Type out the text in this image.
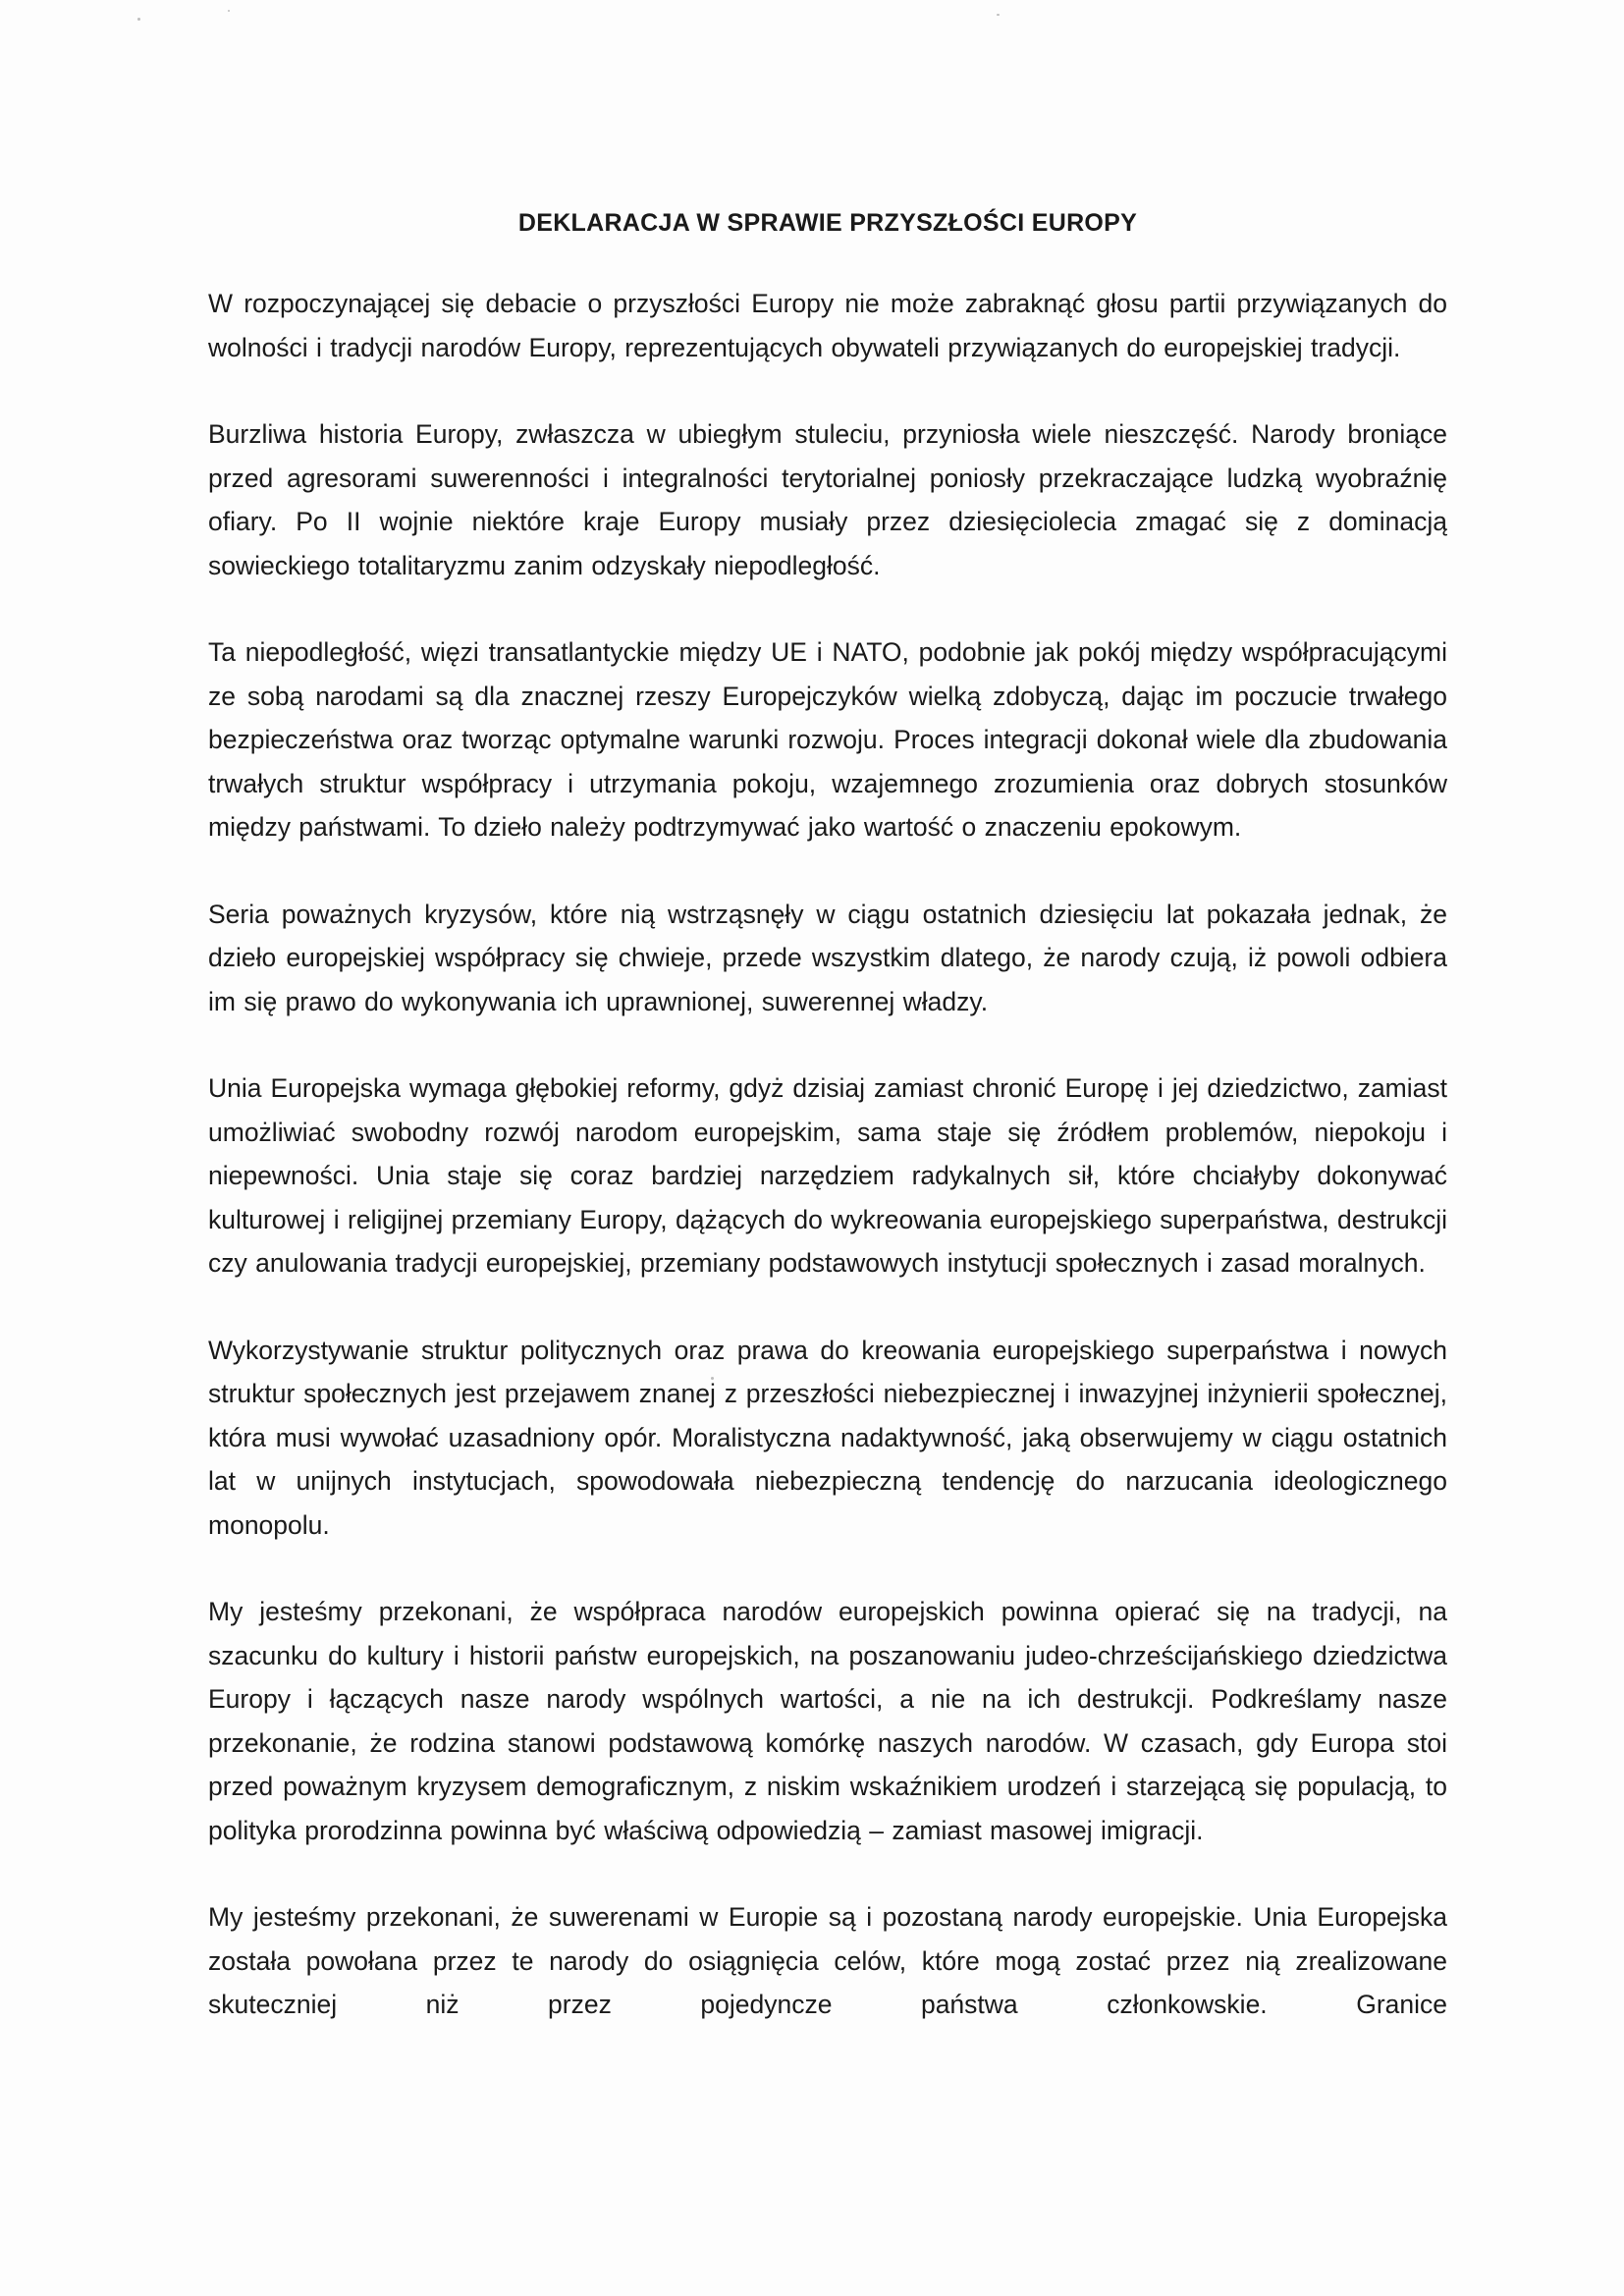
DEKLARACJA W SPRAWIE PRZYSZŁOŚCI EUROPY

W rozpoczynającej się debacie o przyszłości Europy nie może zabraknąć głosu partii przywiązanych do wolności i tradycji narodów Europy, reprezentujących obywateli przywiązanych do europejskiej tradycji.

Burzliwa historia Europy, zwłaszcza w ubiegłym stuleciu, przyniosła wiele nieszczęść. Narody broniące przed agresorami suwerenności i integralności terytorialnej poniosły przekraczające ludzką wyobraźnię ofiary. Po II wojnie niektóre kraje Europy musiały przez dziesięciolecia zmagać się z dominacją sowieckiego totalitaryzmu zanim odzyskały niepodległość.

Ta niepodległość, więzi transatlantyckie między UE i NATO, podobnie jak pokój między współpracującymi ze sobą narodami są dla znacznej rzeszy Europejczyków wielką zdobyczą, dając im poczucie trwałego bezpieczeństwa oraz tworząc optymalne warunki rozwoju. Proces integracji dokonał wiele dla zbudowania trwałych struktur współpracy i utrzymania pokoju, wzajemnego zrozumienia oraz dobrych stosunków między państwami. To dzieło należy podtrzymywać jako wartość o znaczeniu epokowym.

Seria poważnych kryzysów, które nią wstrząsnęły w ciągu ostatnich dziesięciu lat pokazała jednak, że dzieło europejskiej współpracy się chwieje, przede wszystkim dlatego, że narody czują, iż powoli odbiera im się prawo do wykonywania ich uprawnionej, suwerennej władzy.

Unia Europejska wymaga głębokiej reformy, gdyż dzisiaj zamiast chronić Europę i jej dziedzictwo, zamiast umożliwiać swobodny rozwój narodom europejskim, sama staje się źródłem problemów, niepokoju i niepewności. Unia staje się coraz bardziej narzędziem radykalnych sił, które chciałyby dokonywać kulturowej i religijnej przemiany Europy, dążących do wykreowania europejskiego superpaństwa, destrukcji czy anulowania tradycji europejskiej, przemiany podstawowych instytucji społecznych i zasad moralnych.

Wykorzystywanie struktur politycznych oraz prawa do kreowania europejskiego superpaństwa i nowych struktur społecznych jest przejawem znanej z przeszłości niebezpiecznej i inwazyjnej inżynierii społecznej, która musi wywołać uzasadniony opór. Moralistyczna nadaktywność, jaką obserwujemy w ciągu ostatnich lat w unijnych instytucjach, spowodowała niebezpieczną tendencję do narzucania ideologicznego monopolu.

My jesteśmy przekonani, że współpraca narodów europejskich powinna opierać się na tradycji, na szacunku do kultury i historii państw europejskich, na poszanowaniu judeo-chrześcijańskiego dziedzictwa Europy i łączących nasze narody wspólnych wartości, a nie na ich destrukcji. Podkreślamy nasze przekonanie, że rodzina stanowi podstawową komórkę naszych narodów. W czasach, gdy Europa stoi przed poważnym kryzysem demograficznym, z niskim wskaźnikiem urodzeń i starzejącą się populacją, to polityka prorodzinna powinna być właściwą odpowiedzią – zamiast masowej imigracji.

My jesteśmy przekonani, że suwerenami w Europie są i pozostaną narody europejskie. Unia Europejska została powołana przez te narody do osiągnięcia celów, które mogą zostać przez nią zrealizowane skuteczniej niż przez pojedyncze państwa członkowskie. Granice
